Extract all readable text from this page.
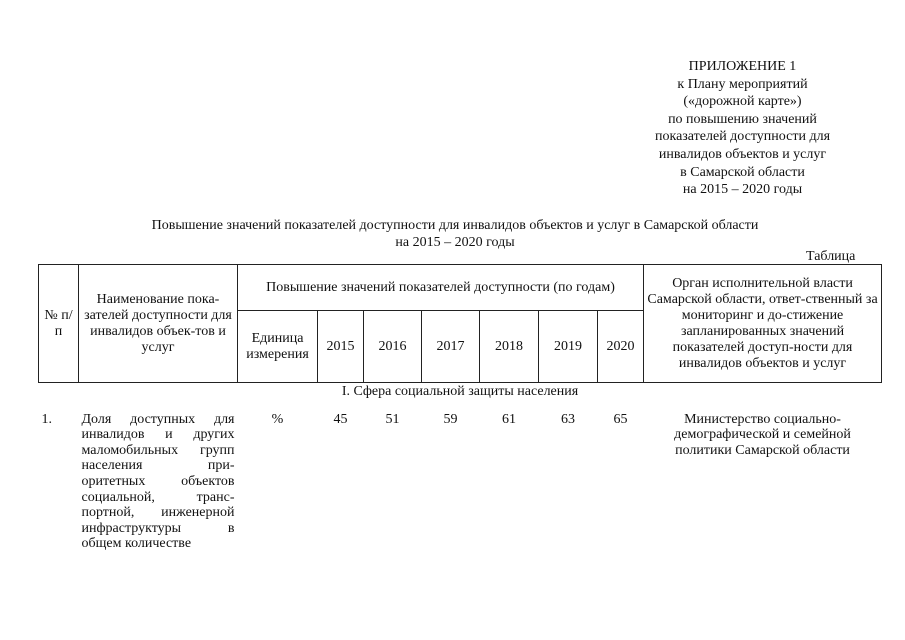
ПРИЛОЖЕНИЕ 1
к Плану мероприятий
(«дорожной карте»)
по повышению значений
показателей доступности для
инвалидов объектов и услуг
в Самарской области
на 2015 – 2020 годы
Повышение значений показателей доступности для инвалидов объектов и услуг в Самарской области
на 2015 – 2020 годы
Таблица
№ п/п	Наименование пока-зателей доступности для инвалидов объек-тов и услуг	Повышение значений показателей доступности (по годам)							Орган исполнительной власти Самарской области, ответ-ственный за мониторинг и до-стижение запланированных значений показателей доступ-ности для инвалидов объектов и услуг
		Единица измерения	2015	2016	2017	2018	2019	2020	
I. Сфера социальной защиты населения									
1.	Доля доступных для инвалидов и других маломобильных групп населения при-оритетных объектов социальной, транс-портной, инженерной инфраструктуры в общем количестве	%	45	51	59	61	63	65	Министерство социально-демографической и семейной политики Самарской области
